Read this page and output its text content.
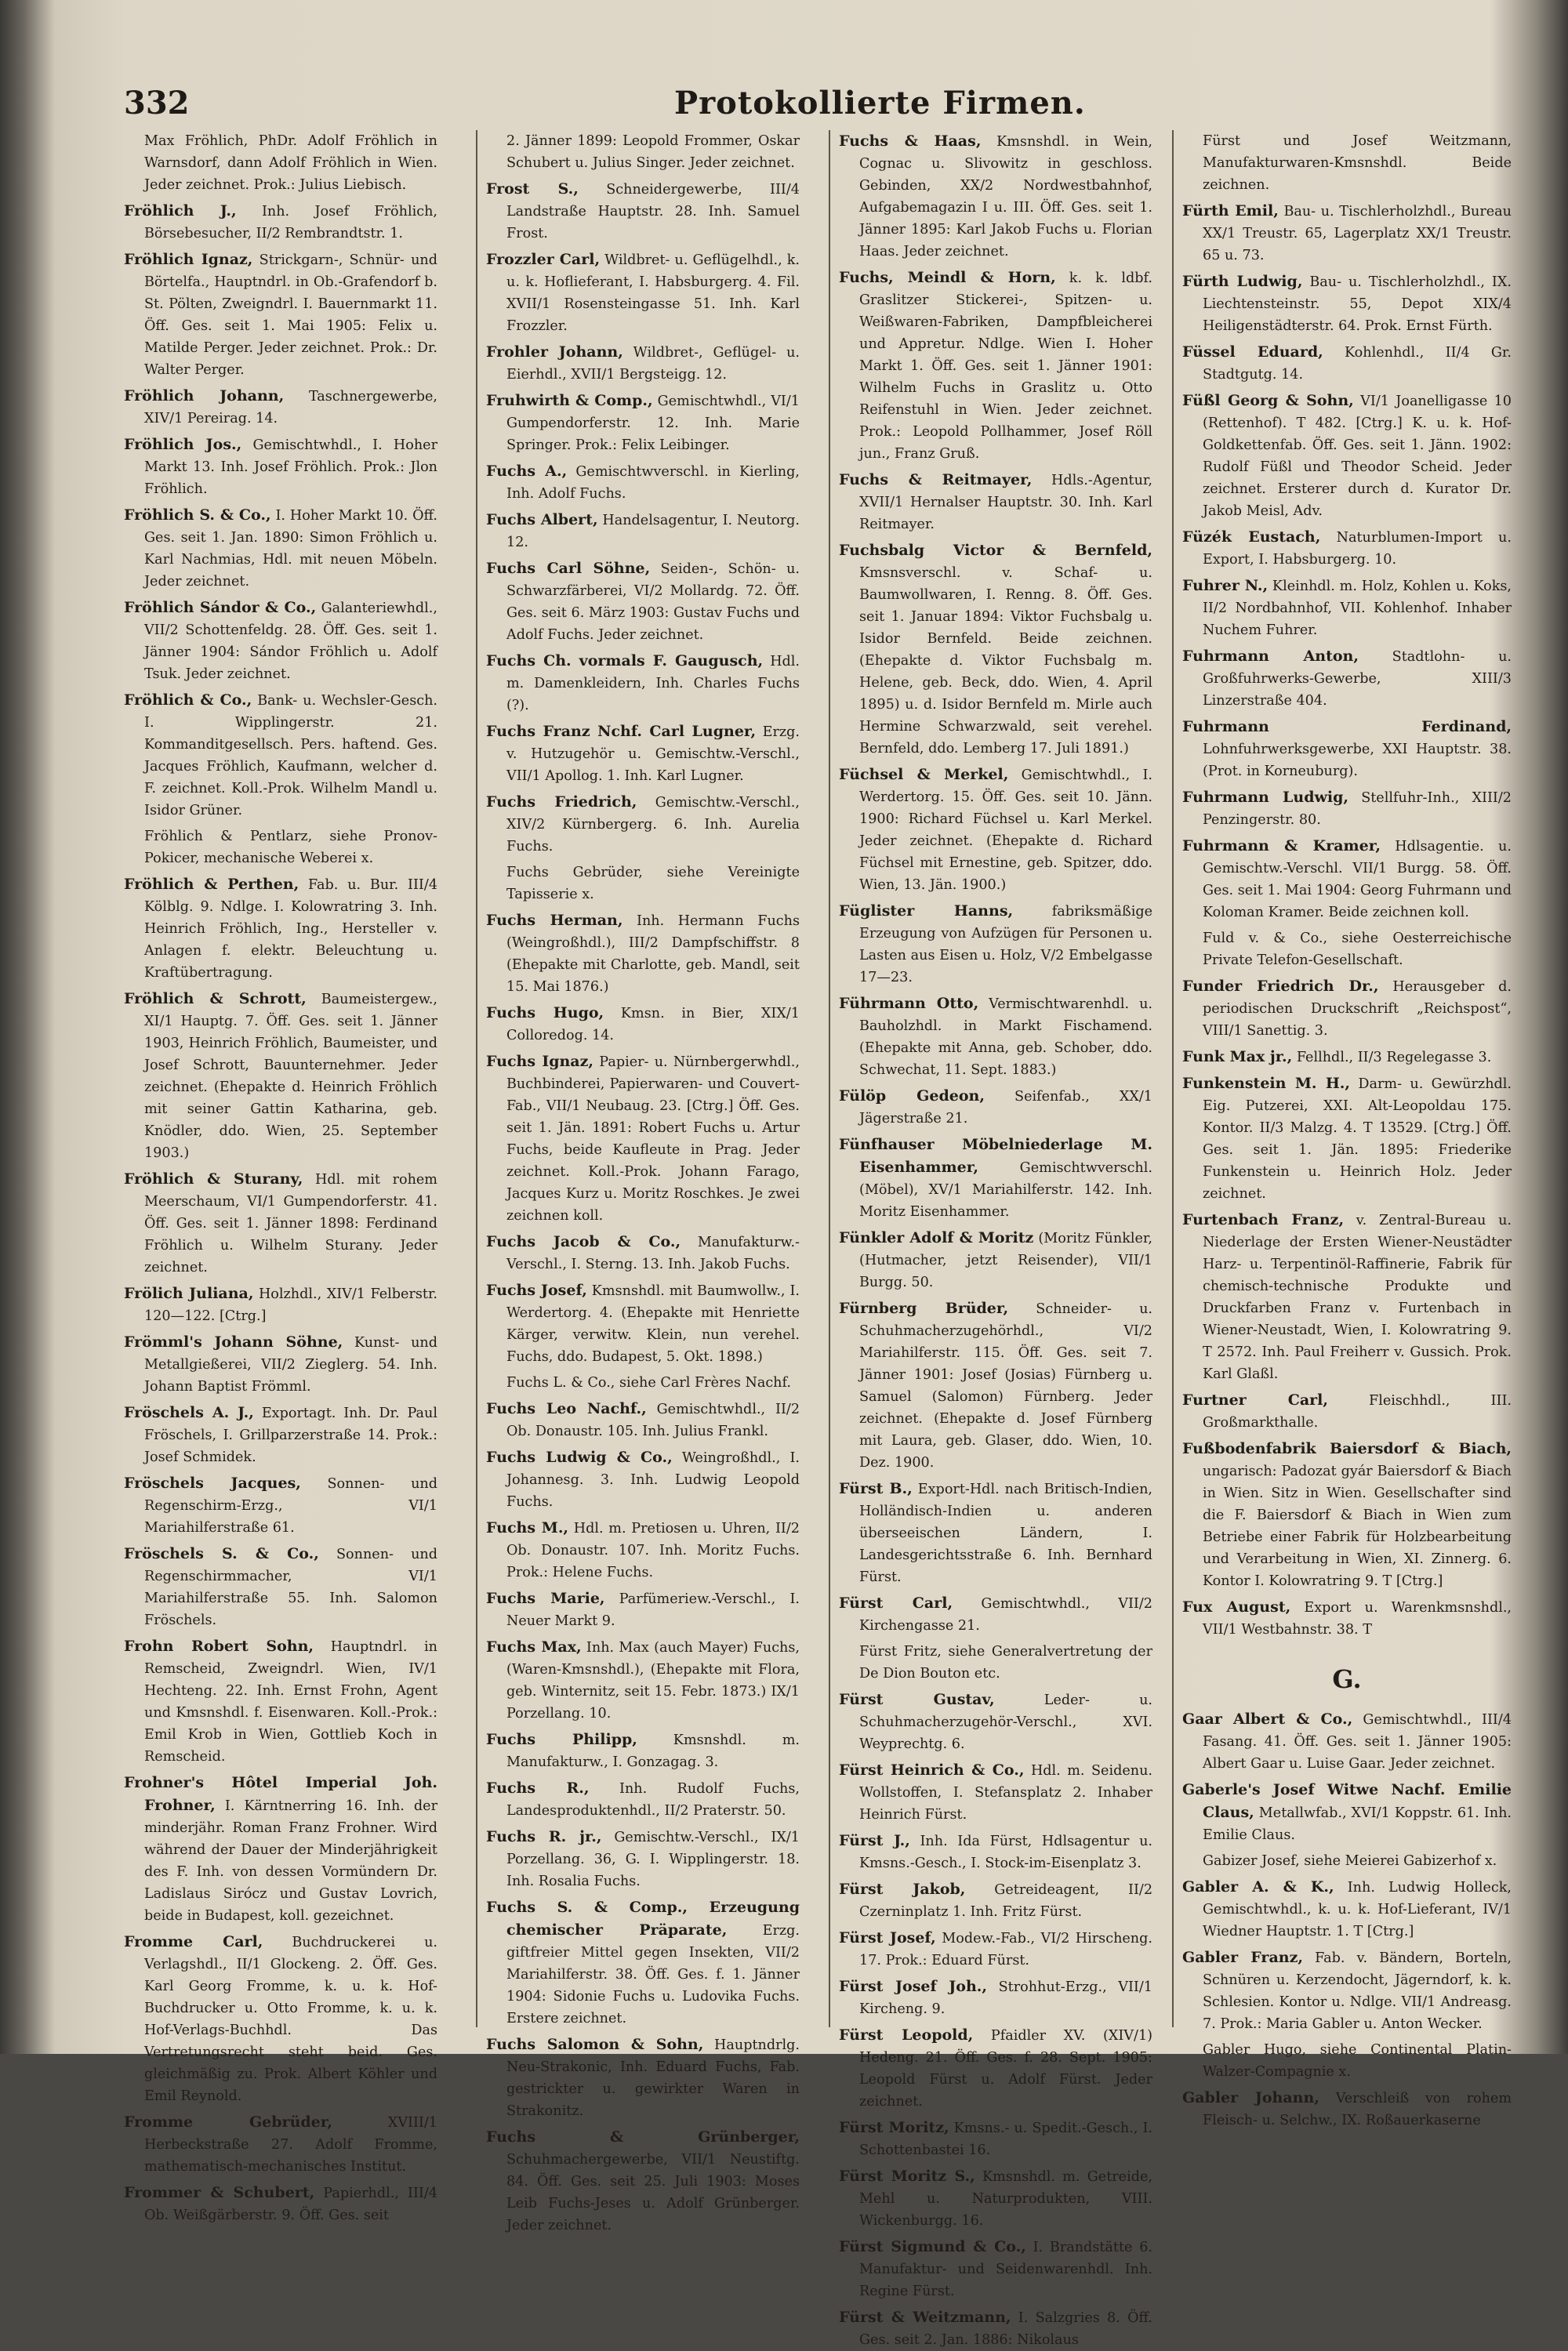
332	Protokollierte Firmen.

Max Fröhlich, PhDr. Adolf Fröhlich in Warnsdorf, dann Adolf Fröhlich in Wien. Jeder zeichnet. Prok.: Julius Liebisch.

Fröhlich J., Inh. Josef Fröhlich, Börsebesucher, II/2 Rembrandtstr. 1.

Fröhlich Ignaz, Strickgarn-, Schnür- und Börtelfa., Hauptndrl. in Ob.-Grafendorf b. St. Pölten, Zweigndrl. I. Bauernmarkt 11. Öff. Ges. seit 1. Mai 1905: Felix u. Matilde Perger. Jeder zeichnet. Prok.: Dr. Walter Perger.

Fröhlich Johann, Taschnergewerbe, XIV/1 Pereirag. 14.

Fröhlich Jos., Gemischtwhdl., I. Hoher Markt 13. Inh. Josef Fröhlich. Prok.: Jlon Fröhlich.

Fröhlich S. & Co., I. Hoher Markt 10. Öff. Ges. seit 1. Jan. 1890: Simon Fröhlich u. Karl Nachmias, Hdl. mit neuen Möbeln. Jeder zeichnet.

Fröhlich Sándor & Co., Galanteriewhdl., VII/2 Schottenfeldg. 28. Öff. Ges. seit 1. Jänner 1904: Sándor Fröhlich u. Adolf Tsuk. Jeder zeichnet.

Fröhlich & Co., Bank- u. Wechsler-Gesch. I. Wipplingerstr. 21. Kommanditgesellsch. Pers. haftend. Ges. Jacques Fröhlich, Kaufmann, welcher d. F. zeichnet. Koll.-Prok. Wilhelm Mandl u. Isidor Grüner.

Fröhlich & Pentlarz, siehe Pronov-Pokicer, mechanische Weberei x.

Fröhlich & Perthen, Fab. u. Bur. III/4 Kölblg. 9. Ndlge. I. Kolowratring 3. Inh. Heinrich Fröhlich, Ing., Hersteller v. Anlagen f. elektr. Beleuchtung u. Kraftübertragung.

Fröhlich & Schrott, Baumeistergew., XI/1 Hauptg. 7. Öff. Ges. seit 1. Jänner 1903, Heinrich Fröhlich, Baumeister, und Josef Schrott, Bauunternehmer. Jeder zeichnet. (Ehepakte d. Heinrich Fröhlich mit seiner Gattin Katharina, geb. Knödler, ddo. Wien, 25. September 1903.)

Fröhlich & Sturany, Hdl. mit rohem Meerschaum, VI/1 Gumpendorferstr. 41. Öff. Ges. seit 1. Jänner 1898: Ferdinand Fröhlich u. Wilhelm Sturany. Jeder zeichnet.

Frölich Juliana, Holzhdl., XIV/1 Felberstr. 120—122. [Ctrg.]

Frömml's Johann Söhne, Kunst- und Metallgießerei, VII/2 Zieglerg. 54. Inh. Johann Baptist Frömml.

Fröschels A. J., Exportagt. Inh. Dr. Paul Fröschels, I. Grillparzerstraße 14. Prok.: Josef Schmidek.

Fröschels Jacques, Sonnen- und Regenschirm-Erzg., VI/1 Mariahilferstraße 61.

Fröschels S. & Co., Sonnen- und Regenschirmmacher, VI/1 Mariahilferstraße 55. Inh. Salomon Fröschels.

Frohn Robert Sohn, Hauptndrl. in Remscheid, Zweigndrl. Wien, IV/1 Hechteng. 22. Inh. Ernst Frohn, Agent und Kmsnshdl. f. Eisenwaren. Koll.-Prok.: Emil Krob in Wien, Gottlieb Koch in Remscheid.

Frohner's Hôtel Imperial Joh. Frohner, I. Kärntnerring 16. Inh. der minderjähr. Roman Franz Frohner. Wird während der Dauer der Minderjährigkeit des F. Inh. von dessen Vormündern Dr. Ladislaus Sirócz und Gustav Lovrich, beide in Budapest, koll. gezeichnet.

Fromme Carl, Buchdruckerei u. Verlagshdl., II/1 Glockeng. 2. Öff. Ges. Karl Georg Fromme, k. u. k. Hof-Buchdrucker u. Otto Fromme, k. u. k. Hof-Verlags-Buchhdl. Das Vertretungsrecht steht beid. Ges. gleichmäßig zu. Prok. Albert Köhler und Emil Reynold.

Fromme Gebrüder,	XVIII/1 Herbeckstraße 27. Adolf Fromme, mathematisch-mechanisches Institut.

Frommer & Schubert, Papierhdl., III/4 Ob. Weißgärberstr. 9. Öff. Ges. seit

2. Jänner 1899: Leopold Frommer, Oskar Schubert u. Julius Singer. Jeder zeichnet.

Frost S., Schneidergewerbe, III/4 Landstraße Hauptstr. 28. Inh. Samuel Frost.

Frozzler Carl, Wildbret- u. Geflügelhdl., k. u. k. Hoflieferant, I. Habsburgerg. 4. Fil. XVII/1 Rosensteingasse 51. Inh. Karl Frozzler.

Frohler Johann, Wildbret-, Geflügel- u. Eierhdl., XVII/1 Bergsteigg. 12.

Fruhwirth & Comp., Gemischtwhdl., VI/1 Gumpendorferstr. 12. Inh. Marie Springer. Prok.: Felix Leibinger.

Fuchs A., Gemischtwverschl. in Kierling, Inh. Adolf Fuchs.

Fuchs Albert, Handelsagentur, I. Neutorg. 12.

Fuchs Carl Söhne, Seiden-, Schön- u. Schwarzfärberei, VI/2 Mollardg. 72. Öff. Ges. seit 6. März 1903: Gustav Fuchs und Adolf Fuchs. Jeder zeichnet.

Fuchs Ch. vormals F. Gaugusch, Hdl. m. Damenkleidern, Inh. Charles Fuchs (?).

Fuchs Franz Nchf. Carl Lugner, Erzg. v. Hutzugehör u. Gemischtw.-Verschl., VII/1 Apollog. 1. Inh. Karl Lugner.

Fuchs Friedrich, Gemischtw.-Verschl., XIV/2 Kürnbergerg. 6. Inh. Aurelia Fuchs.

Fuchs Gebrüder, siehe Vereinigte Tapisserie x.

Fuchs Herman, Inh. Hermann Fuchs (Weingroßhdl.), III/2 Dampfschiffstr. 8 (Ehepakte mit Charlotte, geb. Mandl, seit 15. Mai 1876.)

Fuchs Hugo, Kmsn. in Bier, XIX/1 Colloredog. 14.

Fuchs Ignaz, Papier- u. Nürnbergerwhdl., Buchbinderei, Papierwaren- und Couvert-Fab., VII/1 Neubaug. 23. [Ctrg.] Öff. Ges. seit 1. Jän. 1891: Robert Fuchs u. Artur Fuchs, beide Kaufleute in Prag. Jeder zeichnet. Koll.-Prok. Johann Farago, Jacques Kurz u. Moritz Roschkes. Je zwei zeichnen koll.

Fuchs Jacob & Co., Manufakturw.-Verschl., I. Sterng. 13. Inh. Jakob Fuchs.

Fuchs Josef, Kmsnshdl. mit Baumwollw., I. Werdertorg. 4. (Ehepakte mit Henriette Kärger, verwitw. Klein, nun verehel. Fuchs, ddo. Budapest, 5. Okt. 1898.)

Fuchs L. & Co., siehe Carl Frères Nachf.

Fuchs Leo Nachf., Gemischtwhdl., II/2 Ob. Donaustr. 105. Inh. Julius Frankl.

Fuchs Ludwig & Co., Weingroßhdl., I. Johannesg. 3. Inh. Ludwig Leopold Fuchs.

Fuchs M., Hdl. m. Pretiosen u. Uhren, II/2 Ob. Donaustr. 107. Inh. Moritz Fuchs. Prok.: Helene Fuchs.

Fuchs Marie, Parfümeriew.-Verschl., I. Neuer Markt 9.

Fuchs Max, Inh. Max (auch Mayer) Fuchs, (Waren-Kmsnshdl.), (Ehepakte mit Flora, geb. Winternitz, seit 15. Febr. 1873.) IX/1 Porzellang. 10.

Fuchs Philipp,	Kmsnshdl. m. Manufakturw., I. Gonzagag. 3.

Fuchs R., Inh. Rudolf Fuchs, Landesproduktenhdl., II/2 Praterstr. 50.

Fuchs R. jr., Gemischtw.-Verschl., IX/1 Porzellang. 36, G. I. Wipplingerstr. 18. Inh. Rosalia Fuchs.

Fuchs S. & Comp., Erzeugung chemischer Präparate,	Erzg. giftfreier Mittel gegen Insekten, VII/2 Mariahilferstr. 38. Öff. Ges. f. 1. Jänner 1904: Sidonie Fuchs u. Ludovika Fuchs. Erstere zeichnet.

Fuchs Salomon & Sohn, Hauptndrlg. Neu-Strakonic, Inh. Eduard Fuchs, Fab. gestrickter u. gewirkter Waren in Strakonitz.

Fuchs & Grünberger, Schuhmachergewerbe, VII/1 Neustiftg. 84. Öff. Ges. seit 25. Juli 1903: Moses Leib Fuchs-Jeses u. Adolf Grünberger. Jeder zeichnet.

Fuchs & Haas, Kmsnshdl. in Wein, Cognac u. Slivowitz in geschloss. Gebinden, XX/2 Nordwestbahnhof, Aufgabemagazin I u. III. Öff. Ges. seit 1. Jänner 1895: Karl Jakob Fuchs u. Florian Haas. Jeder zeichnet.

Fuchs, Meindl & Horn, k. k. ldbf. Graslitzer Stickerei-, Spitzen- u. Weißwaren-Fabriken, Dampfbleicherei und Appretur. Ndlge. Wien I. Hoher Markt 1. Öff. Ges. seit 1. Jänner 1901: Wilhelm Fuchs in Graslitz u. Otto Reifenstuhl in Wien. Jeder zeichnet. Prok.: Leopold Pollhammer, Josef Röll jun., Franz Gruß.

Fuchs & Reitmayer, Hdls.-Agentur, XVII/1 Hernalser Hauptstr. 30. Inh. Karl Reitmayer.

Fuchsbalg Victor & Bernfeld, Kmsnsverschl. v. Schaf- u. Baumwollwaren, I. Renng. 8. Öff. Ges. seit 1. Januar 1894: Viktor Fuchsbalg u. Isidor Bernfeld. Beide zeichnen. (Ehepakte d. Viktor Fuchsbalg m. Helene, geb. Beck, ddo. Wien, 4. April 1895) u. d. Isidor Bernfeld m. Mirle auch Hermine Schwarzwald, seit verehel. Bernfeld, ddo. Lemberg 17. Juli 1891.)

Füchsel & Merkel, Gemischtwhdl., I. Werdertorg. 15. Öff. Ges. seit 10. Jänn. 1900: Richard Füchsel u. Karl Merkel. Jeder zeichnet. (Ehepakte d. Richard Füchsel mit Ernestine, geb. Spitzer, ddo. Wien, 13. Jän. 1900.)

Füglister Hanns,	fabriksmäßige Erzeugung von Aufzügen für Personen u. Lasten aus Eisen u. Holz, V/2 Embelgasse 17—23.

Führmann Otto, Vermischtwarenhdl. u. Bauholzhdl. in Markt Fischamend. (Ehepakte mit Anna, geb. Schober, ddo. Schwechat, 11. Sept. 1883.)

Fülöp Gedeon, Seifenfab., XX/1 Jägerstraße 21.

Fünfhauser Möbelniederlage M. Eisenhammer,	Gemischtwverschl. (Möbel), XV/1 Mariahilferstr. 142. Inh. Moritz Eisenhammer.

Fünkler Adolf & Moritz (Moritz Fünkler, (Hutmacher, jetzt Reisender), VII/1 Burgg. 50.

Fürnberg Brüder, Schneider- u. Schuhmacherzugehörhdl., VI/2 Mariahilferstr. 115. Öff. Ges. seit 7. Jänner 1901: Josef (Josias) Fürnberg u. Samuel (Salomon) Fürnberg. Jeder zeichnet. (Ehepakte d. Josef Fürnberg mit Laura, geb. Glaser, ddo. Wien, 10. Dez. 1900.

Fürst B., Export-Hdl. nach Britisch-Indien, Holländisch-Indien u. anderen überseeischen Ländern, I. Landesgerichtsstraße 6. Inh. Bernhard Fürst.

Fürst Carl, Gemischtwhdl., VII/2 Kirchengasse 21.

Fürst Fritz, siehe Generalvertretung der De Dion Bouton etc.

Fürst Gustav,	Leder- u. Schuhmacherzugehör-Verschl., XVI. Weyprechtg. 6.

Fürst Heinrich & Co., Hdl. m. Seidenu. Wollstoffen, I. Stefansplatz 2. Inhaber Heinrich Fürst.

Fürst J., Inh. Ida Fürst, Hdlsagentur u. Kmsns.-Gesch., I. Stock-im-Eisenplatz 3.

Fürst Jakob, Getreideagent, II/2 Czerninplatz 1. Inh. Fritz Fürst.

Fürst Josef, Modew.-Fab., VI/2 Hirscheng. 17. Prok.: Eduard Fürst.

Fürst Josef Joh., Strohhut-Erzg., VII/1 Kircheng. 9.

Fürst Leopold, Pfaidler XV. (XIV/1) Hedeng. 21. Öff. Ges. f. 28. Sept. 1905: Leopold Fürst u. Adolf Fürst. Jeder zeichnet.

Fürst Moritz, Kmsns.- u. Spedit.-Gesch., I. Schottenbastei 16.

Fürst Moritz S., Kmsnshdl. m. Getreide, Mehl u. Naturprodukten, VIII. Wickenburgg. 16.

Fürst Sigmund & Co., I. Brandstätte 6. Manufaktur- und Seidenwarenhdl. Inh. Regine Fürst.

Fürst & Weitzmann, I. Salzgries 8. Öff. Ges. seit 2. Jan. 1886: Nikolaus

Fürst und Josef Weitzmann, Manufakturwaren-Kmsnshdl. Beide zeichnen.

Fürth Emil, Bau- u. Tischlerholzhdl., Bureau XX/1 Treustr. 65, Lagerplatz XX/1 Treustr. 65 u. 73.

Fürth Ludwig, Bau- u. Tischlerholzhdl., IX. Liechtensteinstr. 55, Depot XIX/4 Heiligenstädterstr. 64. Prok. Ernst Fürth.

Füssel Eduard, Kohlenhdl., II/4 Gr. Stadtgutg. 14.

Füßl Georg & Sohn, VI/1 Joanelligasse 10 (Rettenhof). T 482. [Ctrg.] K. u. k. Hof-Goldkettenfab. Öff. Ges. seit 1. Jänn. 1902: Rudolf Füßl und Theodor Scheid. Jeder zeichnet. Ersterer durch d. Kurator Dr. Jakob Meisl, Adv.

Füzék Eustach, Naturblumen-Import u. Export, I. Habsburgerg. 10.

Fuhrer N., Kleinhdl. m. Holz, Kohlen u. Koks, II/2 Nordbahnhof, VII. Kohlenhof. Inhaber Nuchem Fuhrer.

Fuhrmann Anton, Stadtlohn- u. Großfuhrwerks-Gewerbe, XIII/3 Linzerstraße 404.

Fuhrmann Ferdinand, Lohnfuhrwerksgewerbe, XXI Hauptstr. 38. (Prot. in Korneuburg).

Fuhrmann Ludwig, Stellfuhr-Inh., XIII/2 Penzingerstr. 80.

Fuhrmann & Kramer, Hdlsagentie. u. Gemischtw.-Verschl. VII/1 Burgg. 58. Öff. Ges. seit 1. Mai 1904: Georg Fuhrmann und Koloman Kramer. Beide zeichnen koll.

Fuld v. & Co., siehe Oesterreichische Private Telefon-Gesellschaft.

Funder Friedrich Dr., Herausgeber d. periodischen Druckschrift „Reichspost“, VIII/1 Sanettig. 3.

Funk Max jr., Fellhdl., II/3 Regelegasse 3.

Funkenstein M. H., Darm- u. Gewürzhdl. Eig. Putzerei, XXI. Alt-Leopoldau 175. Kontor. II/3 Malzg. 4. T 13529. [Ctrg.] Öff. Ges. seit 1. Jän. 1895: Friederike Funkenstein u. Heinrich Holz. Jeder zeichnet.

Furtenbach Franz, v. Zentral-Bureau u. Niederlage der Ersten Wiener-Neustädter Harz- u. Terpentinöl-Raffinerie, Fabrik für chemisch-technische Produkte und Druckfarben Franz v. Furtenbach in Wiener-Neustadt, Wien, I. Kolowratring 9. T 2572. Inh. Paul Freiherr v. Gussich. Prok. Karl Glaßl.

Furtner Carl,	Fleischhdl., III. Großmarkthalle.

Fußbodenfabrik Baiersdorf & Biach, ungarisch: Padozat gyár Baiersdorf & Biach in Wien. Sitz in Wien. Gesellschafter sind die F. Baiersdorf & Biach in Wien zum Betriebe einer Fabrik für Holzbearbeitung und Verarbeitung in Wien, XI. Zinnerg. 6. Kontor I. Kolowratring 9. T [Ctrg.]

Fux August, Export u. Warenkmsnshdl., VII/1 Westbahnstr. 38. T

G.

Gaar Albert & Co., Gemischtwhdl., III/4 Fasang. 41. Öff. Ges. seit 1. Jänner 1905: Albert Gaar u. Luise Gaar. Jeder zeichnet.

Gaberle's Josef Witwe Nachf. Emilie Claus, Metallwfab., XVI/1 Koppstr. 61. Inh. Emilie Claus.

Gabizer Josef, siehe Meierei Gabizerhof x.

Gabler A. & K., Inh. Ludwig Holleck, Gemischtwhdl., k. u. k. Hof-Lieferant, IV/1 Wiedner Hauptstr. 1. T [Ctrg.]

Gabler Franz, Fab. v. Bändern, Borteln, Schnüren u. Kerzendocht, Jägerndorf, k. k. Schlesien. Kontor u. Ndlge. VII/1 Andreasg. 7. Prok.: Maria Gabler u. Anton Wecker.

Gabler Hugo, siehe Continental Platin-Walzer-Compagnie x.

Gabler Johann, Verschleiß von rohem Fleisch- u. Selchw., IX. Roßauerkaserne
